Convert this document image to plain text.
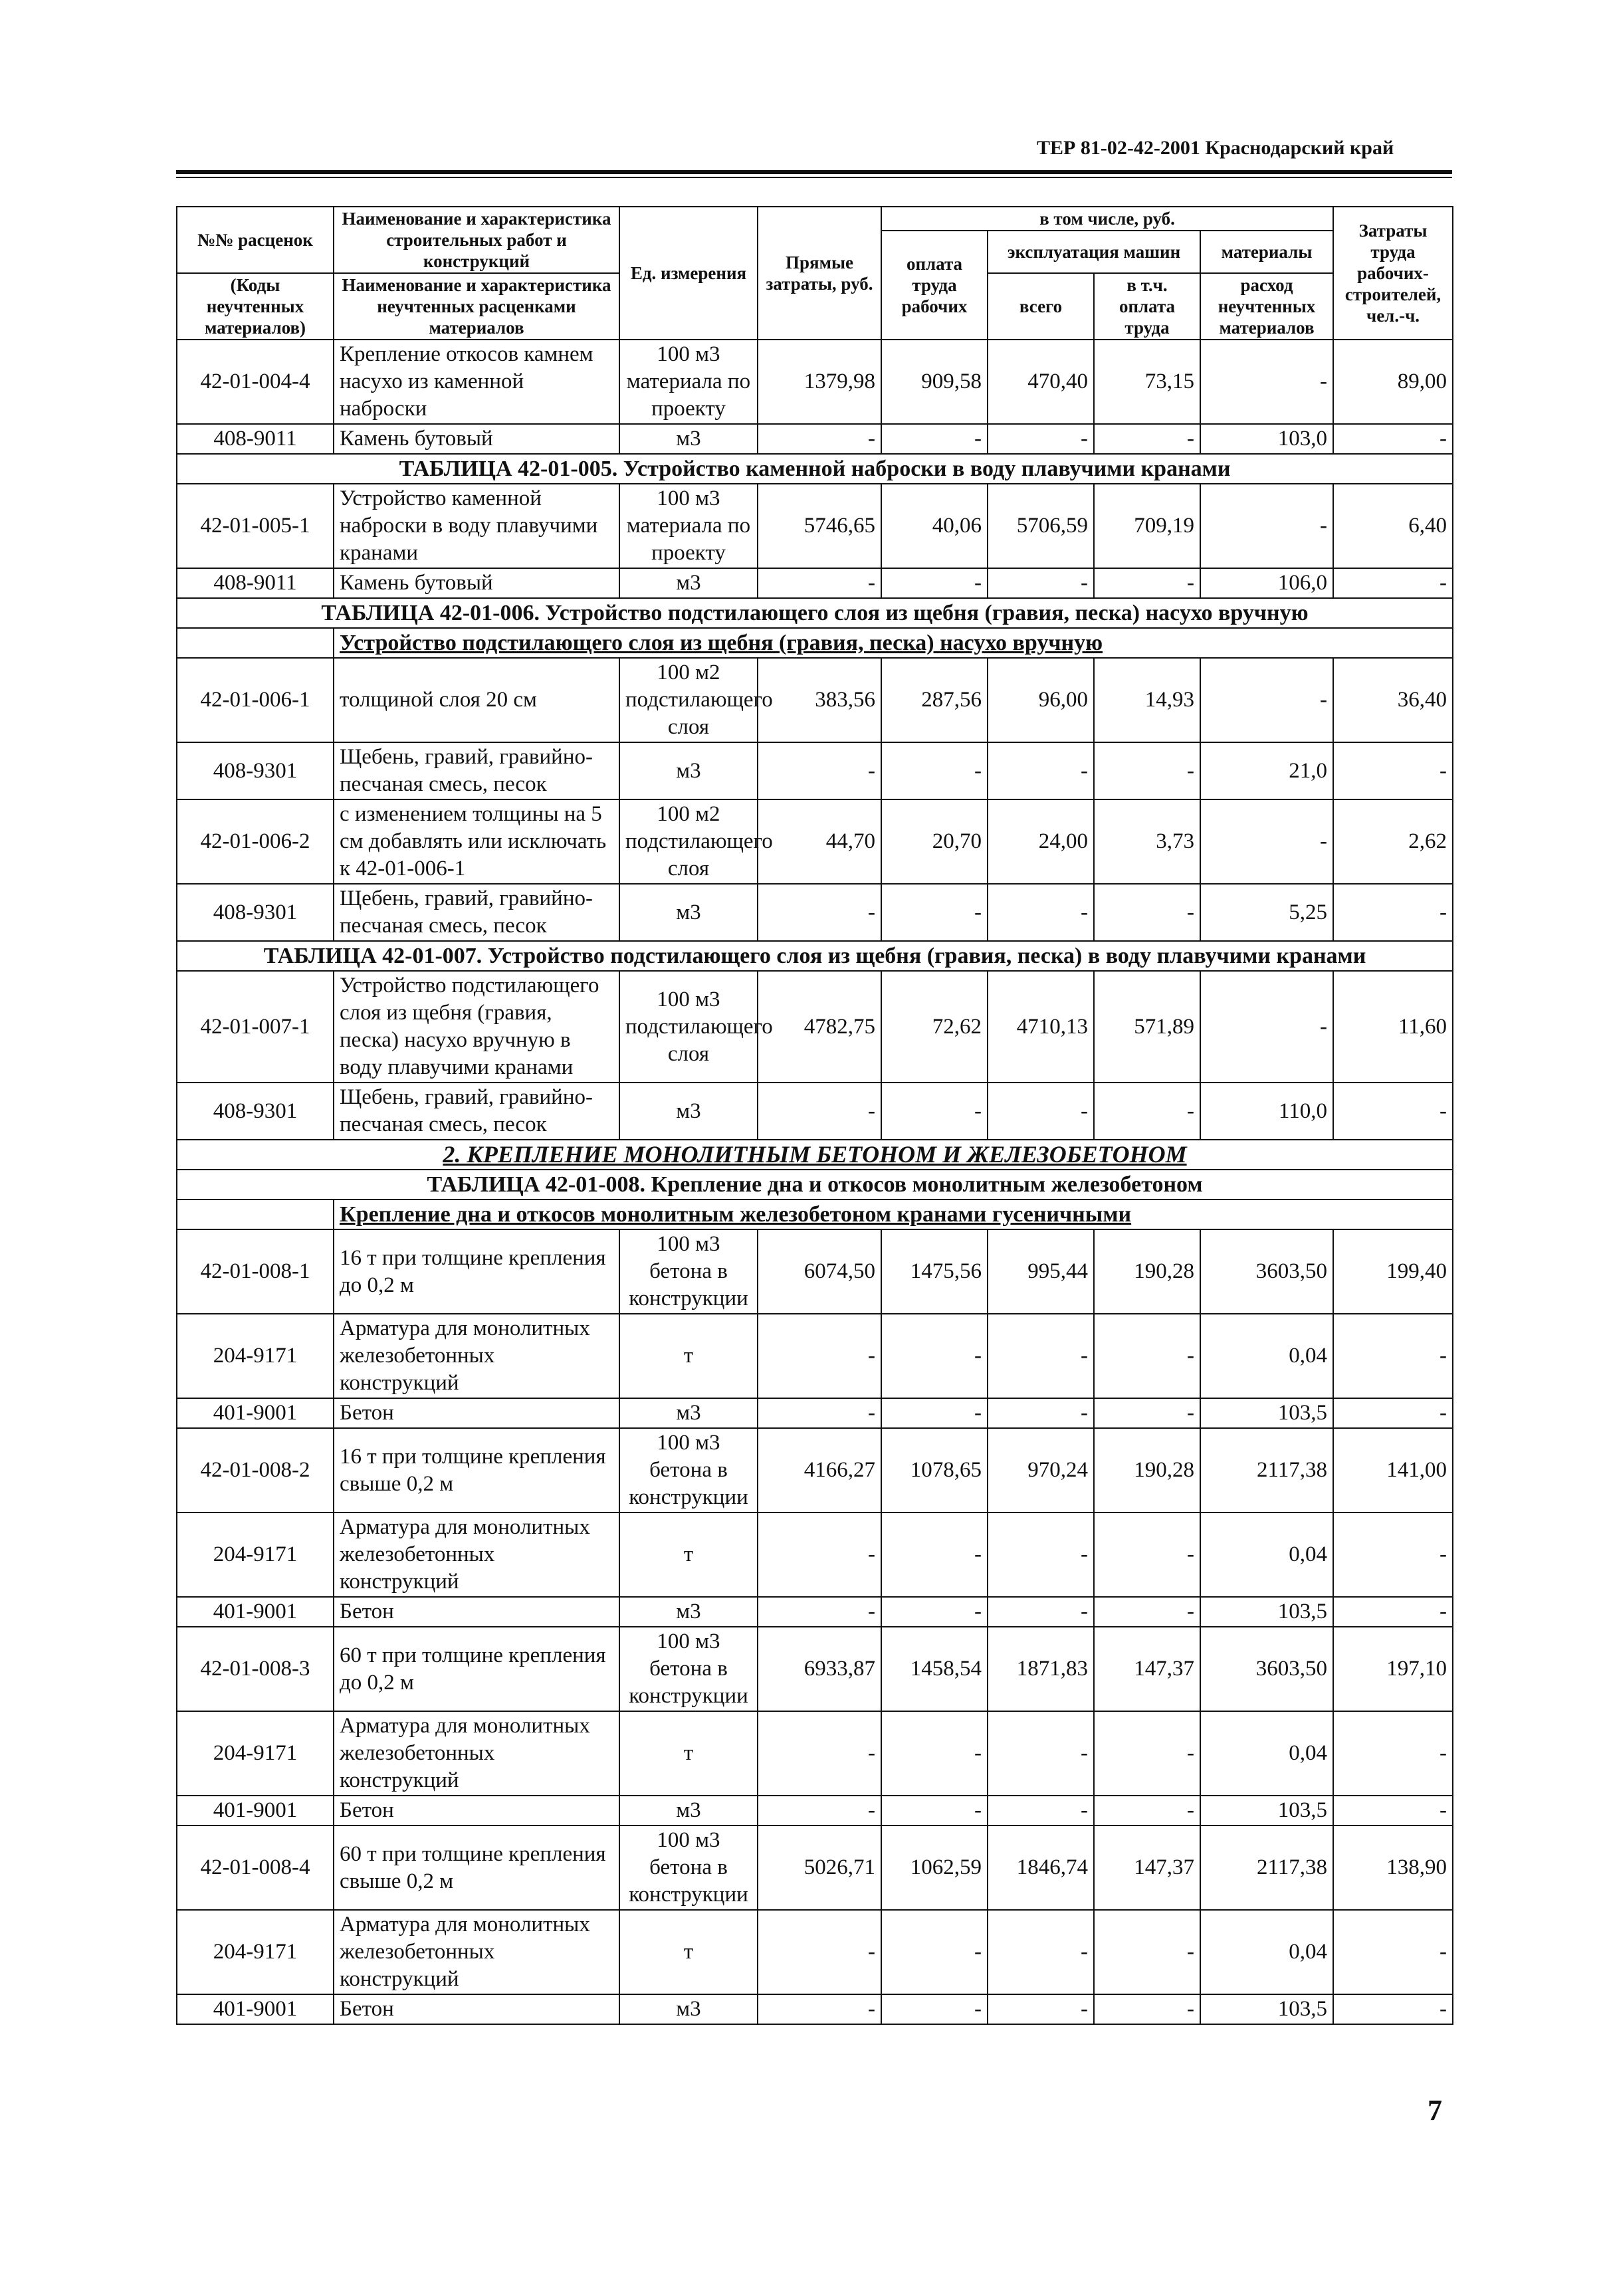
ТЕР 81-02-42-2001 Краснодарский край
№№ расценок	Наименование и характеристика строительных работ и конструкций	Ед. измерения	Прямые затраты, руб.	в том числе, руб.				Затраты труда рабочих-строителей, чел.-ч.
				оплата труда рабочих	эксплуатация машин		материалы	
(Коды неучтенных материалов)	Наименование и характеристика неучтенных расценками материалов				всего	в т.ч. оплата труда	расход неучтенных материалов	

42-01-004-4	Крепление откосов камнем насухо из каменной наброски	100 м3 материала по проекту	1379,98	909,58	470,40	73,15	-	89,00
408-9011	Камень бутовый	м3	-	-	-	-	103,0	-
ТАБЛИЦА 42-01-005. Устройство каменной наброски в воду плавучими кранами								
42-01-005-1	Устройство каменной наброски в воду плавучими кранами	100 м3 материала по проекту	5746,65	40,06	5706,59	709,19	-	6,40
408-9011	Камень бутовый	м3	-	-	-	-	106,0	-
ТАБЛИЦА 42-01-006. Устройство подстилающего слоя из щебня (гравия, песка) насухо вручную								
	Устройство подстилающего слоя из щебня (гравия, песка) насухо вручную							
42-01-006-1	толщиной слоя 20 см	100 м2 подстилающего слоя	383,56	287,56	96,00	14,93	-	36,40
408-9301	Щебень, гравий, гравийно-песчаная смесь, песок	м3	-	-	-	-	21,0	-
42-01-006-2	с изменением толщины на 5 см добавлять или исключать к 42-01-006-1	100 м2 подстилающего слоя	44,70	20,70	24,00	3,73	-	2,62
408-9301	Щебень, гравий, гравийно-песчаная смесь, песок	м3	-	-	-	-	5,25	-
ТАБЛИЦА 42-01-007. Устройство подстилающего слоя из щебня (гравия, песка) в воду плавучими кранами								
42-01-007-1	Устройство подстилающего слоя из щебня (гравия, песка) насухо вручную в воду плавучими кранами	100 м3 подстилающего слоя	4782,75	72,62	4710,13	571,89	-	11,60
408-9301	Щебень, гравий, гравийно-песчаная смесь, песок	м3	-	-	-	-	110,0	-
2. КРЕПЛЕНИЕ МОНОЛИТНЫМ БЕТОНОМ И ЖЕЛЕЗОБЕТОНОМ								
ТАБЛИЦА 42-01-008. Крепление дна и откосов монолитным железобетоном								
	Крепление дна и откосов монолитным железобетоном кранами гусеничными							
42-01-008-1	16 т при толщине крепления до 0,2 м	100 м3 бетона в конструкции	6074,50	1475,56	995,44	190,28	3603,50	199,40
204-9171	Арматура для монолитных железобетонных конструкций	т	-	-	-	-	0,04	-
401-9001	Бетон	м3	-	-	-	-	103,5	-
42-01-008-2	16 т при толщине крепления свыше 0,2 м	100 м3 бетона в конструкции	4166,27	1078,65	970,24	190,28	2117,38	141,00
204-9171	Арматура для монолитных железобетонных конструкций	т	-	-	-	-	0,04	-
401-9001	Бетон	м3	-	-	-	-	103,5	-
42-01-008-3	60 т при толщине крепления до 0,2 м	100 м3 бетона в конструкции	6933,87	1458,54	1871,83	147,37	3603,50	197,10
204-9171	Арматура для монолитных железобетонных конструкций	т	-	-	-	-	0,04	-
401-9001	Бетон	м3	-	-	-	-	103,5	-
42-01-008-4	60 т при толщине крепления свыше 0,2 м	100 м3 бетона в конструкции	5026,71	1062,59	1846,74	147,37	2117,38	138,90
204-9171	Арматура для монолитных железобетонных конструкций	т	-	-	-	-	0,04	-
401-9001	Бетон	м3	-	-	-	-	103,5	-
7
